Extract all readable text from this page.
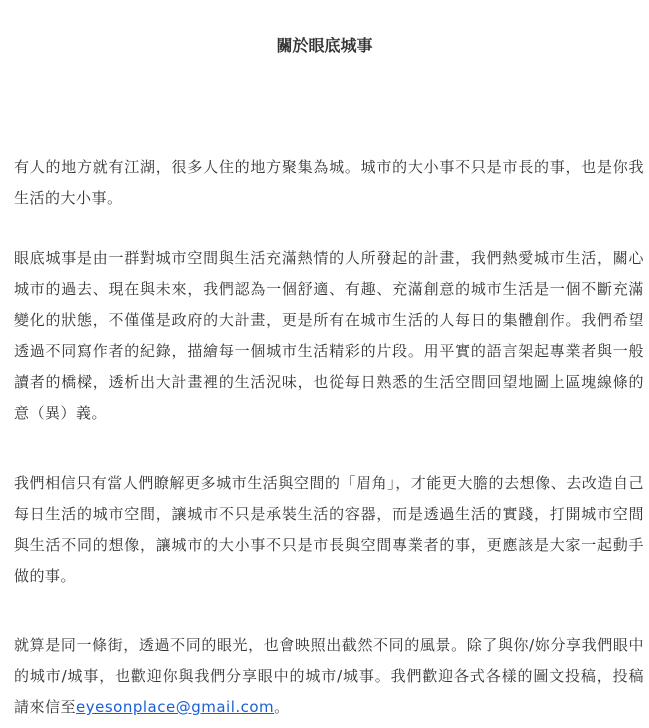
關於眼底城事

有人的地方就有江湖，很多人住的地方聚集為城。城市的大小事不只是市長的事，也是你我生活的大小事。

眼底城事是由一群對城市空間與生活充滿熱情的人所發起的計畫，我們熱愛城市生活，關心城市的過去、現在與未來，我們認為一個舒適、有趣、充滿創意的城市生活是一個不斷充滿變化的狀態，不僅僅是政府的大計畫，更是所有在城市生活的人每日的集體創作。我們希望透過不同寫作者的紀錄，描繪每一個城市生活精彩的片段。用平實的語言架起專業者與一般讀者的橋樑，透析出大計畫裡的生活況味，也從每日熟悉的生活空間回望地圖上區塊線條的意（異）義。

我們相信只有當人們瞭解更多城市生活與空間的「眉角」，才能更大膽的去想像、去改造自己每日生活的城市空間，讓城市不只是承裝生活的容器，而是透過生活的實踐，打開城市空間與生活不同的想像，讓城市的大小事不只是市長與空間專業者的事，更應該是大家一起動手做的事。

就算是同一條街，透過不同的眼光，也會映照出截然不同的風景。除了與你/妳分享我們眼中的城市/城事，也歡迎你與我們分享眼中的城市/城事。我們歡迎各式各樣的圖文投稿，投稿請來信至eyesonplace@gmail.com。
